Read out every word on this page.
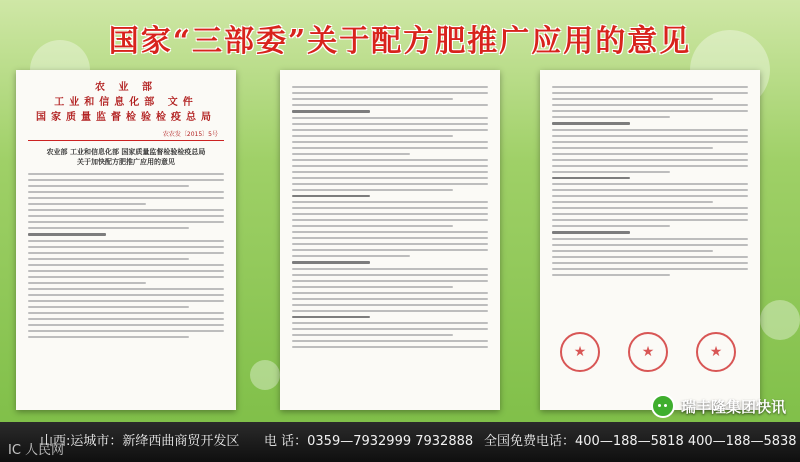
国家“三部委”关于配方肥推广应用的意见
农 业 部
工业和信息化部 文件
国家质量监督检验检疫总局
农农发〔2015〕5号
农业部 工业和信息化部 国家质量监督检验检疫总局
关于加快配方肥推广应用的意见
★	★	★
瑞丰隆集团快讯
山西:运城市：新绛西曲商贸开发区 电 话：0359—7932999 7932888 全国免费电话：400—188—5818 400—188—5838
IC 人民网
